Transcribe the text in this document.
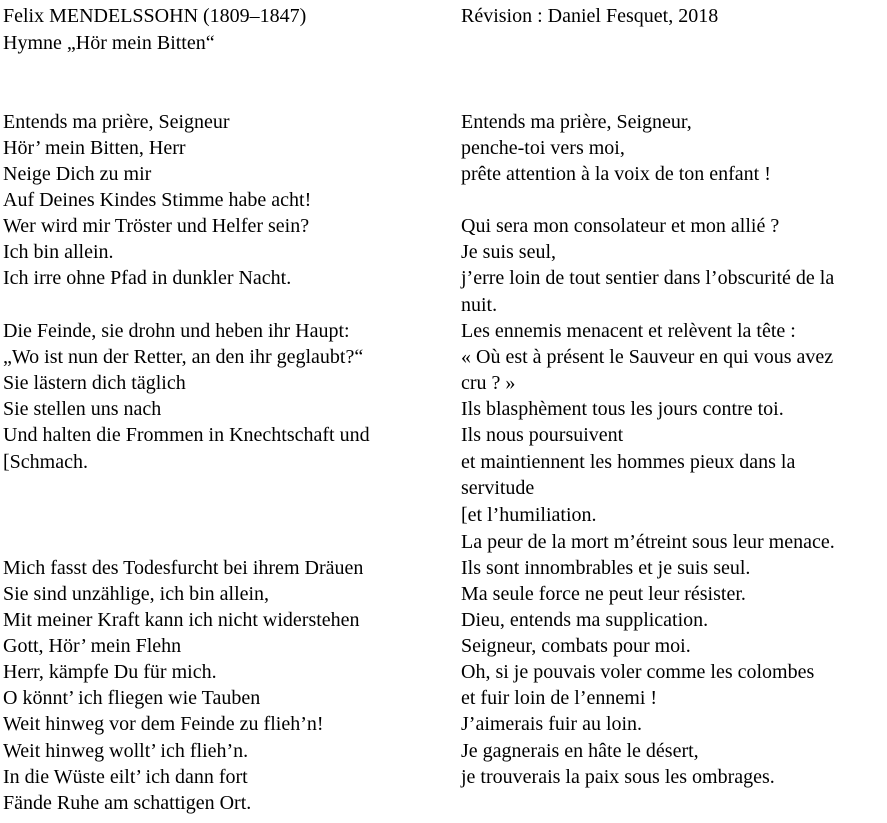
Felix MENDELSSOHN (1809–1847)
Hymne „Hör mein Bitten“
Entends ma prière, Seigneur
Hör’ mein Bitten, Herr
Neige Dich zu mir
Auf Deines Kindes Stimme habe acht!
Wer wird mir Tröster und Helfer sein?
Ich bin allein.
Ich irre ohne Pfad in dunkler Nacht.
Die Feinde, sie drohn und heben ihr Haupt:
„Wo ist nun der Retter, an den ihr geglaubt?“
Sie lästern dich täglich
Sie stellen uns nach
Und halten die Frommen in Knechtschaft und
[Schmach.
Mich fasst des Todesfurcht bei ihrem Dräuen
Sie sind unzählige, ich bin allein,
Mit meiner Kraft kann ich nicht widerstehen
Gott, Hör’ mein Flehn
Herr, kämpfe Du für mich.
O könnt’ ich fliegen wie Tauben
Weit hinweg vor dem Feinde zu flieh’n!
Weit hinweg wollt’ ich flieh’n.
In die Wüste eilt’ ich dann fort
Fände Ruhe am schattigen Ort.
Révision : Daniel Fesquet, 2018
Entends ma prière, Seigneur,
penche-toi vers moi,
prête attention à la voix de ton enfant !
Qui sera mon consolateur et mon allié ?
Je suis seul,
j’erre loin de tout sentier dans l’obscurité de la
nuit.
Les ennemis menacent et relèvent la tête :
« Où est à présent le Sauveur en qui vous avez
cru ? »
Ils blasphèment tous les jours contre toi.
Ils nous poursuivent
et maintiennent les hommes pieux dans la
servitude
[et l’humiliation.
La peur de la mort m’étreint sous leur menace.
Ils sont innombrables et je suis seul.
Ma seule force ne peut leur résister.
Dieu, entends ma supplication.
Seigneur, combats pour moi.
Oh, si je pouvais voler comme les colombes
et fuir loin de l’ennemi !
J’aimerais fuir au loin.
Je gagnerais en hâte le désert,
je trouverais la paix sous les ombrages.
